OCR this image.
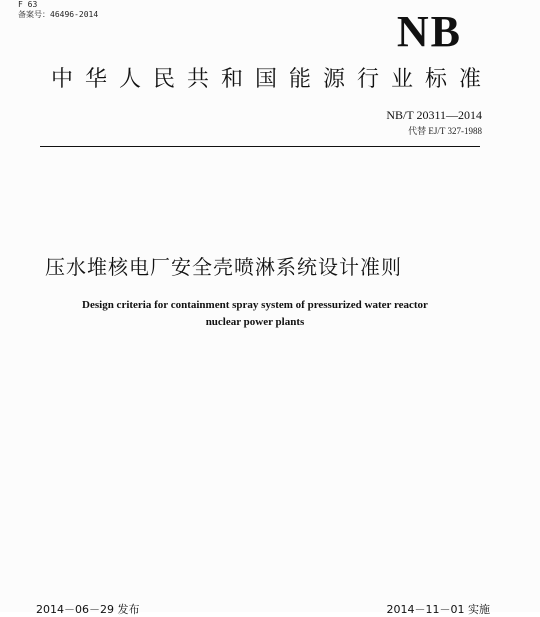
F 63
备案号：46496-2014	NB
中华人民共和国能源行业标准
NB/T 20311—2014
代替 EJ/T 327-1988
压水堆核电厂安全壳喷淋系统设计准则
Design criteria for containment spray system of pressurized water reactor
nuclear power plants
2014－06－29 发布	2014－11－01 实施
